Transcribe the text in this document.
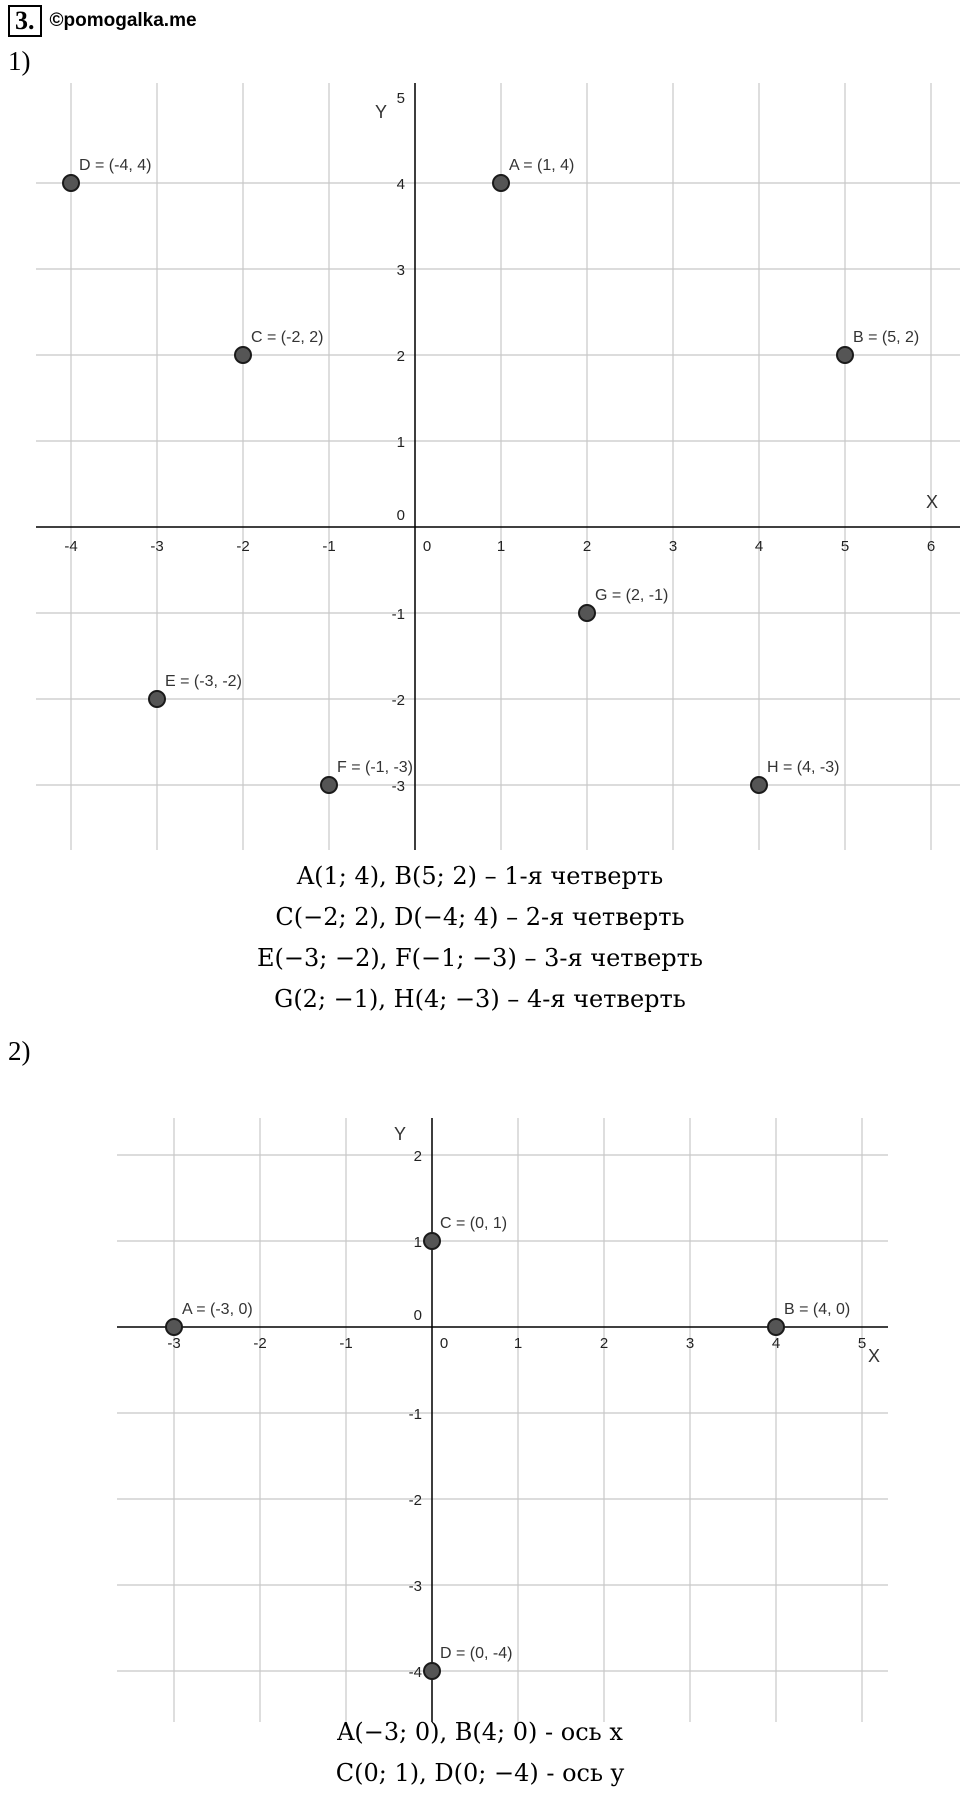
3. ©pomogalka.me
1)
-4	-3	-2	-1	0	1	2	3	4	5	6
-3
-2
-1
0
1
2
3
4
5
X
Y
A = (1, 4)
B = (5, 2)
C = (-2, 2)
D = (-4, 4)
E = (-3, -2)
F = (-1, -3)
G = (2, -1)
H = (4, -3)
A(1; 4), B(5; 2) – 1-я четверть
C(−2; 2), D(−4; 4) – 2-я четверть
E(−3; −2), F(−1; −3) – 3-я четверть
G(2; −1), H(4; −3) – 4-я четверть
2)
-3	-2	-1	0	1	2	3	4	5
-4
-3
-2
-1
0
1
2
X
Y
A = (-3, 0)	B = (4, 0)
C = (0, 1)
D = (0, -4)
A(−3; 0), B(4; 0) - ось x
C(0; 1), D(0; −4) - ось y
